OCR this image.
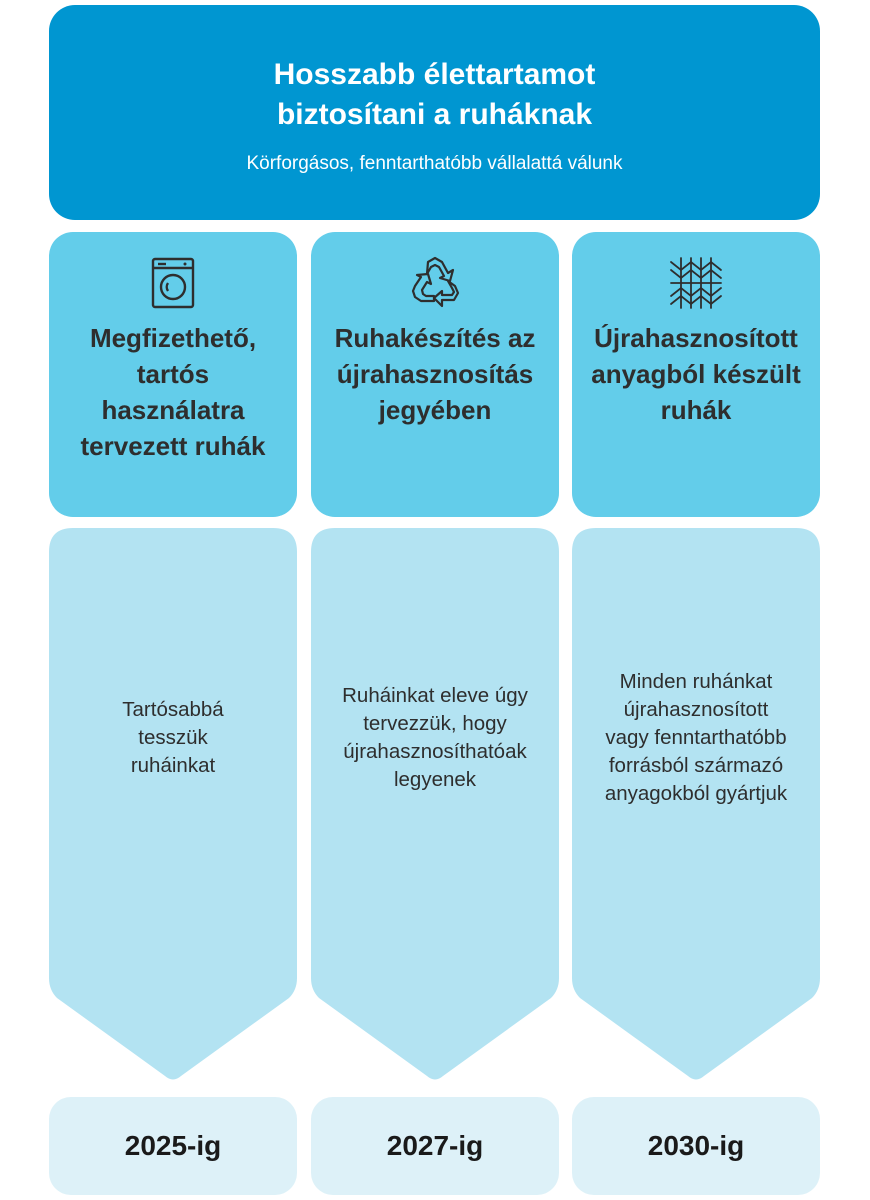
Hosszabb élettartamot biztosítani a ruháknak
Körforgásos, fenntarthatóbb vállalattá válunk
Megfizethető, tartós használatra tervezett ruhák
Tartósabbá tesszük ruháinkat
2025-ig
Ruhakészítés az újrahasznosítás jegyében
Ruháinkat eleve úgy tervezzük, hogy újrahasznosíthatóak legyenek
2027-ig
Újrahasznosított anyagból készült ruhák
Minden ruhánkat újrahasznosított vagy fenntarthatóbb forrásból származó anyagokból gyártjuk
2030-ig
